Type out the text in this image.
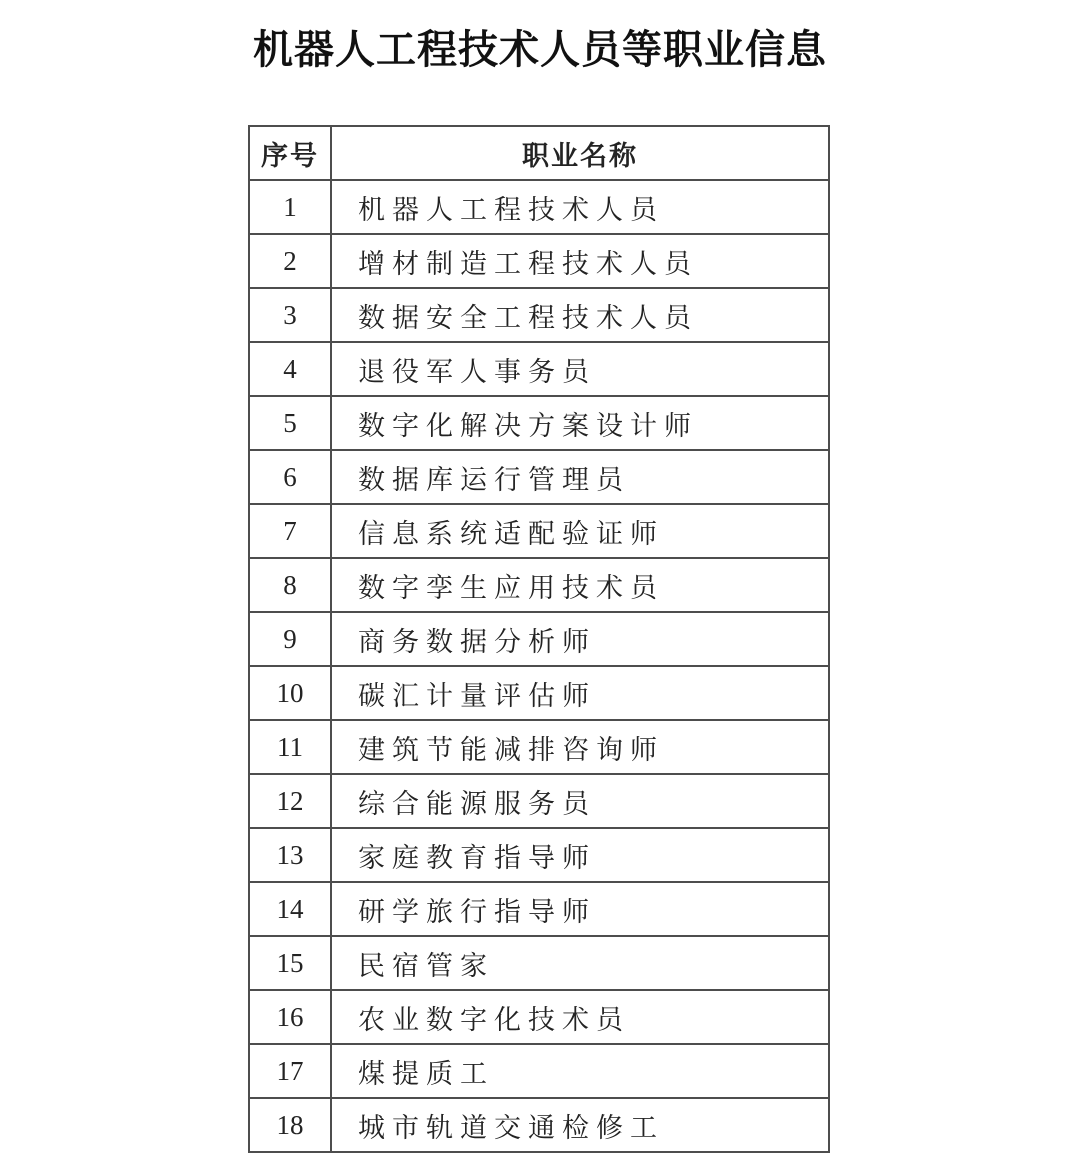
机器人工程技术人员等职业信息
序号	职业名称
1	机器人工程技术人员
2	增材制造工程技术人员
3	数据安全工程技术人员
4	退役军人事务员
5	数字化解决方案设计师
6	数据库运行管理员
7	信息系统适配验证师
8	数字孪生应用技术员
9	商务数据分析师
10	碳汇计量评估师
11	建筑节能减排咨询师
12	综合能源服务员
13	家庭教育指导师
14	研学旅行指导师
15	民宿管家
16	农业数字化技术员
17	煤提质工
18	城市轨道交通检修工
